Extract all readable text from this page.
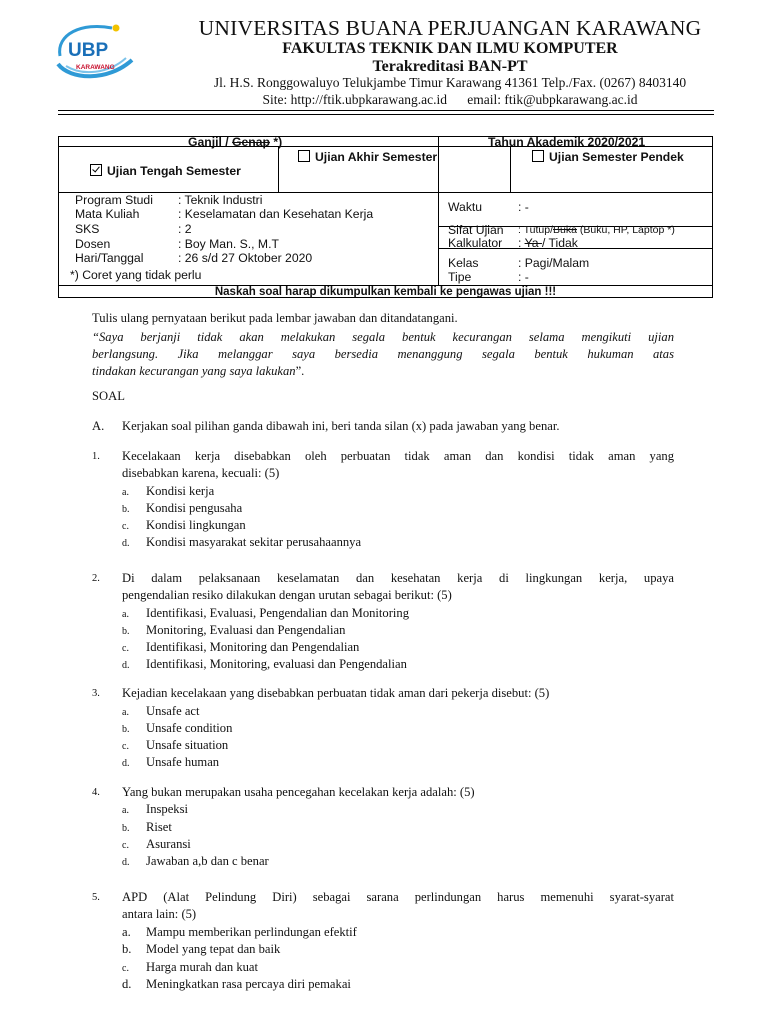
UBP
KARAWANG
UNIVERSITAS BUANA PERJUANGAN KARAWANG
FAKULTAS TEKNIK DAN ILMU KOMPUTER
Terakreditasi BAN-PT
Jl. H.S. Ronggowaluyo Telukjambe Timur Karawang 41361 Telp./Fax. (0267) 8403140
Site: http://ftik.ubpkarawang.ac.id email: ftik@ubpkarawang.ac.id
Ganjil / Genap *)	Tahun Akademik 2020/2021
Ujian Tengah Semester
Ujian Akhir Semester	Ujian Semester Pendek
Program Studi : Teknik Industri
Mata Kuliah	: Keselamatan dan Kesehatan Kerja
SKS	: 2
Dosen	: Boy Man. S., M.T
Hari/Tanggal	: 26 s/d 27 Oktober 2020
*) Coret yang tidak perlu
Waktu	: -
Sifat Ujian : Tutup/Buka (Buku, HP, Laptop *)
Kalkulator : Ya / Tidak
Kelas	: Pagi/Malam
Tipe	: -
Naskah soal harap dikumpulkan kembali ke pengawas ujian !!!
Tulis ulang pernyataan berikut pada lembar jawaban dan ditandatangani.
“Saya berjanji tidak akan melakukan segala bentuk kecurangan selama mengikuti ujian
berlangsung. Jika melanggar saya bersedia menanggung segala bentuk hukuman atas
tindakan kecurangan yang saya lakukan”.
SOAL
A. Kerjakan soal pilihan ganda dibawah ini, beri tanda silan (x) pada jawaban yang benar.
1. Kecelakaan kerja disebabkan oleh perbuatan tidak aman dan kondisi tidak aman yang
disebabkan karena, kecuali: (5)
a. Kondisi kerja
b. Kondisi pengusaha
c. Kondisi lingkungan
d. Kondisi masyarakat sekitar perusahaannya
2. Di dalam pelaksanaan keselamatan dan kesehatan kerja di lingkungan kerja, upaya
pengendalian resiko dilakukan dengan urutan sebagai berikut: (5)
a. Identifikasi, Evaluasi, Pengendalian dan Monitoring
b. Monitoring, Evaluasi dan Pengendalian
c. Identifikasi, Monitoring dan Pengendalian
d. Identifikasi, Monitoring, evaluasi dan Pengendalian
3. Kejadian kecelakaan yang disebabkan perbuatan tidak aman dari pekerja disebut: (5)
a. Unsafe act
b. Unsafe condition
c. Unsafe situation
d. Unsafe human
4. Yang bukan merupakan usaha pencegahan kecelakan kerja adalah: (5)
a. Inspeksi
b. Riset
c. Asuransi
d. Jawaban a,b dan c benar
5. APD (Alat Pelindung Diri) sebagai sarana perlindungan harus memenuhi syarat-syarat
antara lain: (5)
a. Mampu memberikan perlindungan efektif
b. Model yang tepat dan baik
c. Harga murah dan kuat
d. Meningkatkan rasa percaya diri pemakai
